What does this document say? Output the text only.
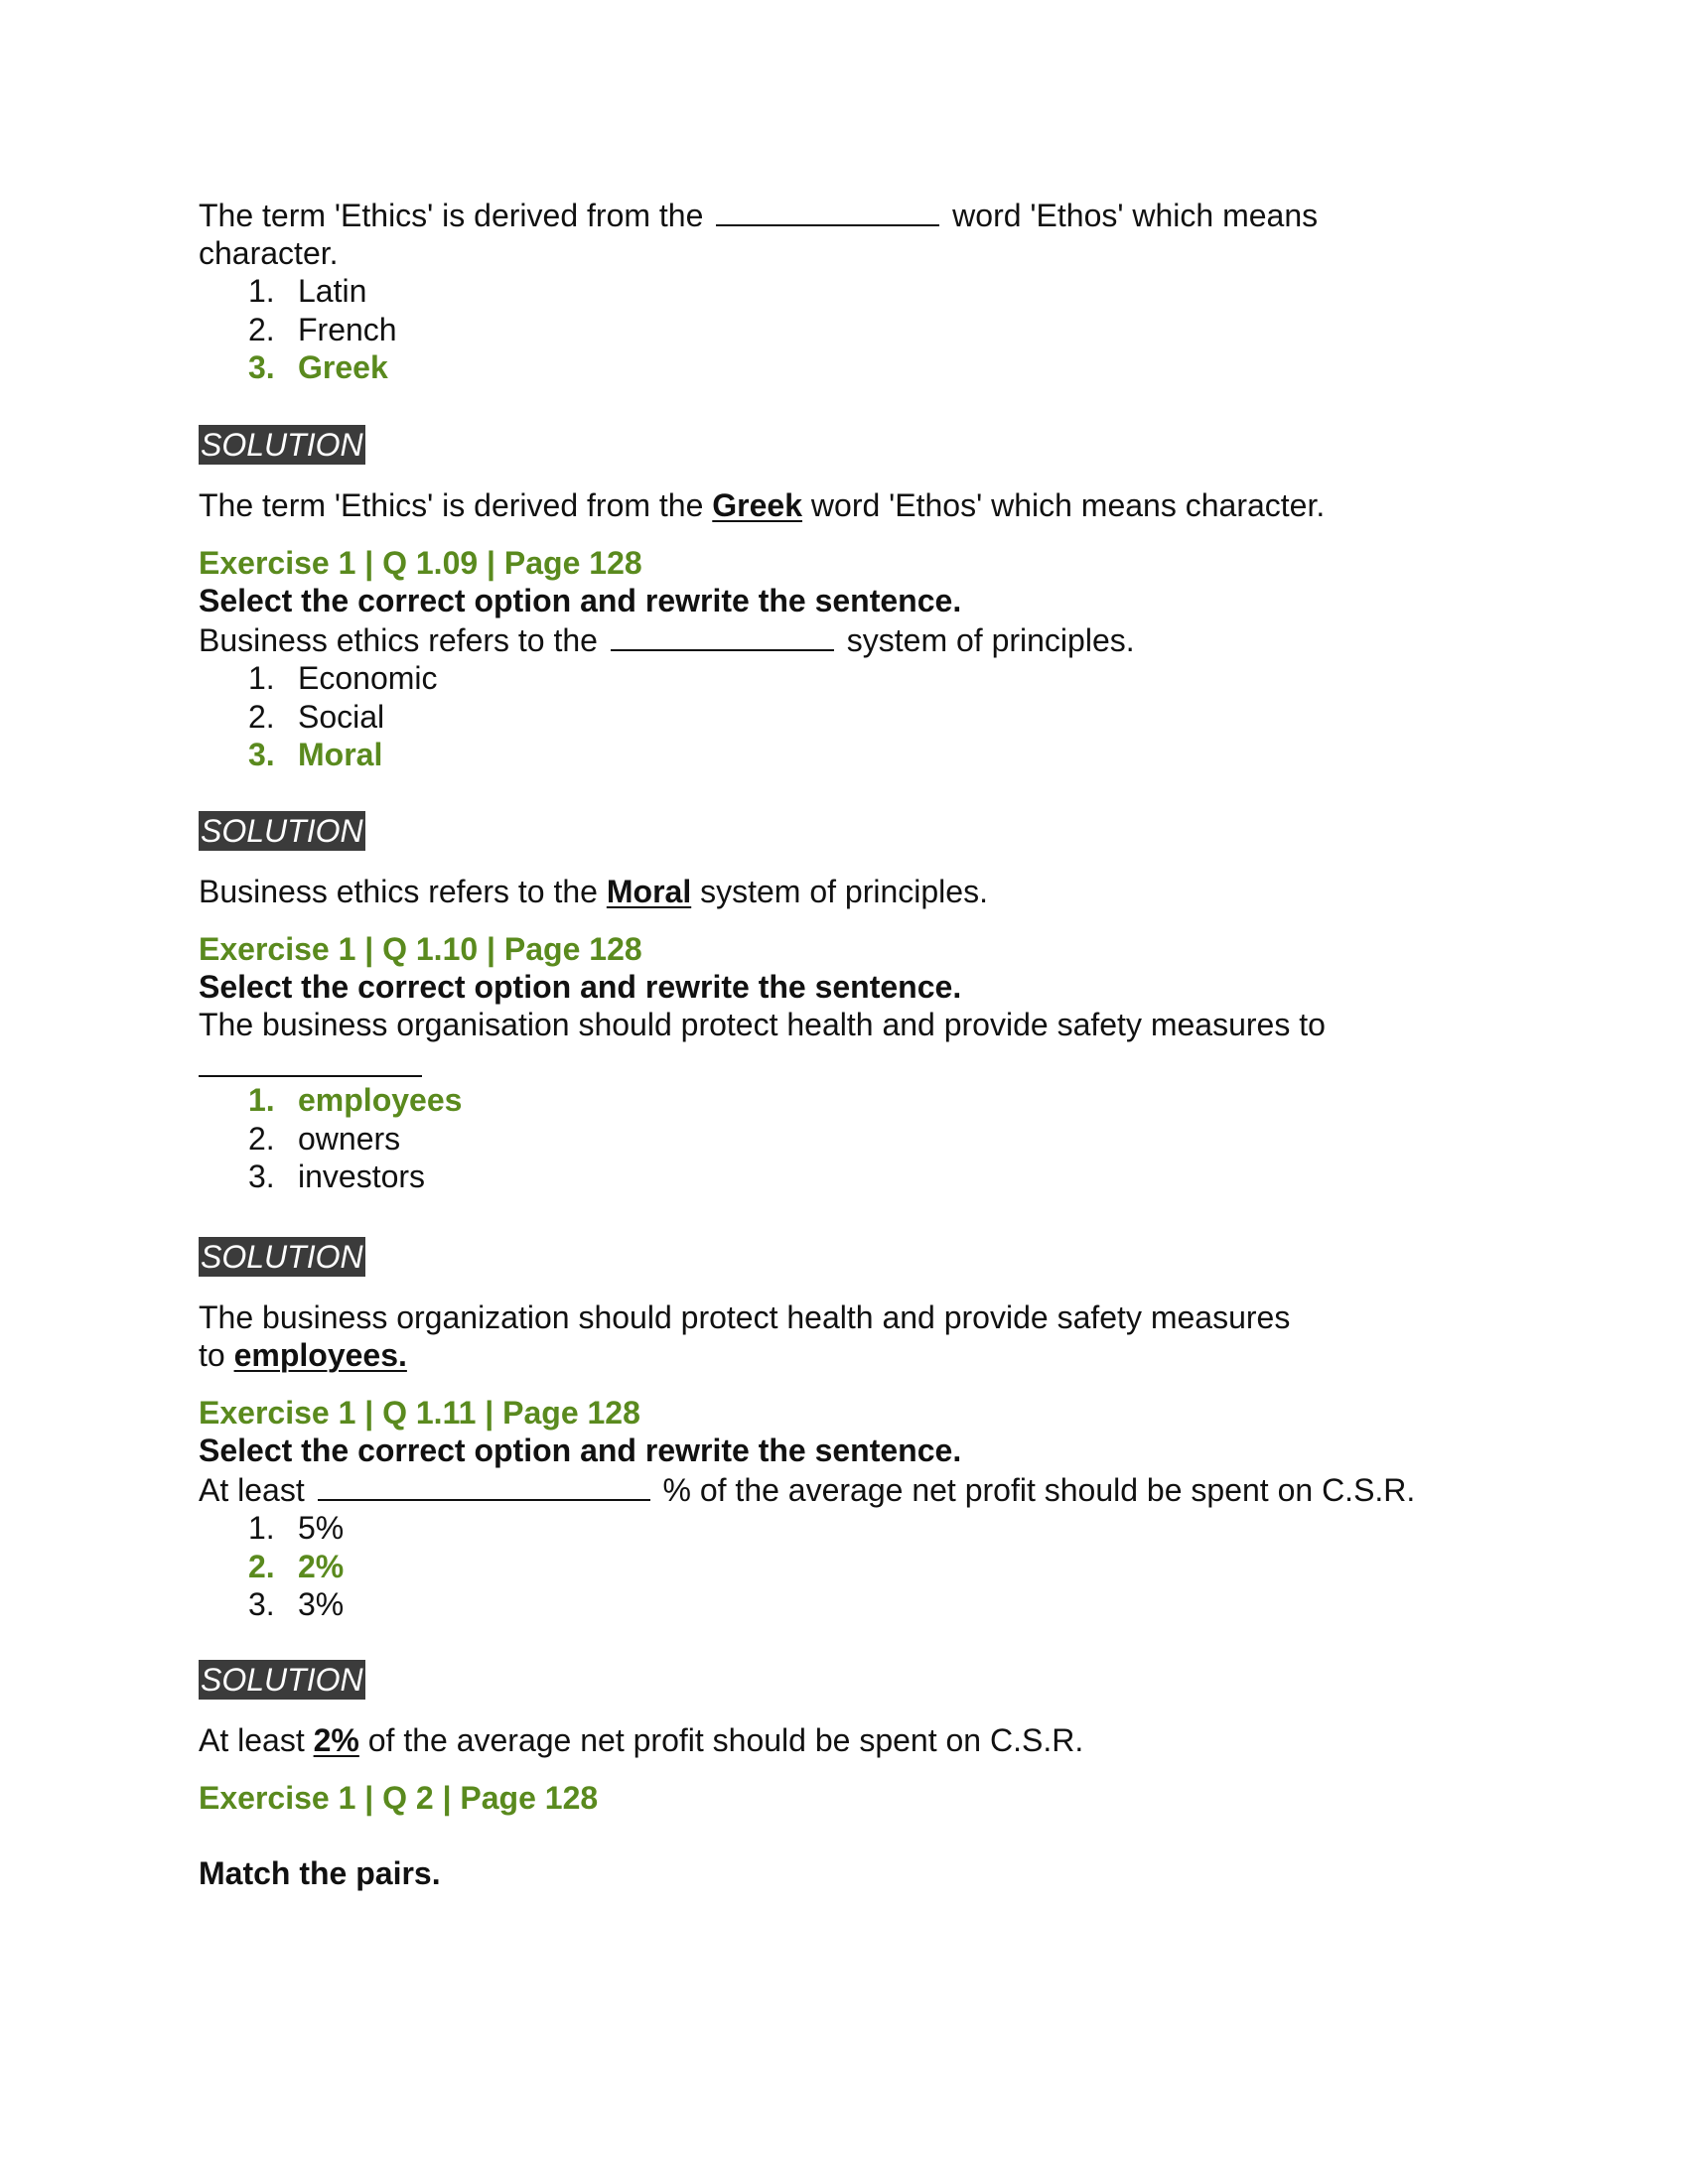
The term 'Ethics' is derived from the	word 'Ethos' which means
character.
1. Latin
2. French
3. Greek
SOLUTION
The term 'Ethics' is derived from the Greek word 'Ethos' which means character.
Exercise 1 | Q 1.09 | Page 128
Select the correct option and rewrite the sentence.
Business ethics refers to the	system of principles.
1. Economic
2. Social
3. Moral
SOLUTION
Business ethics refers to the Moral system of principles.
Exercise 1 | Q 1.10 | Page 128
Select the correct option and rewrite the sentence.
The business organisation should protect health and provide safety measures to
1. employees
2. owners
3. investors
SOLUTION
The business organization should protect health and provide safety measures
to employees.
Exercise 1 | Q 1.11 | Page 128
Select the correct option and rewrite the sentence.
At least	% of the average net profit should be spent on C.S.R.
1. 5%
2. 2%
3. 3%
SOLUTION
At least 2% of the average net profit should be spent on C.S.R.
Exercise 1 | Q 2 | Page 128
Match the pairs.
